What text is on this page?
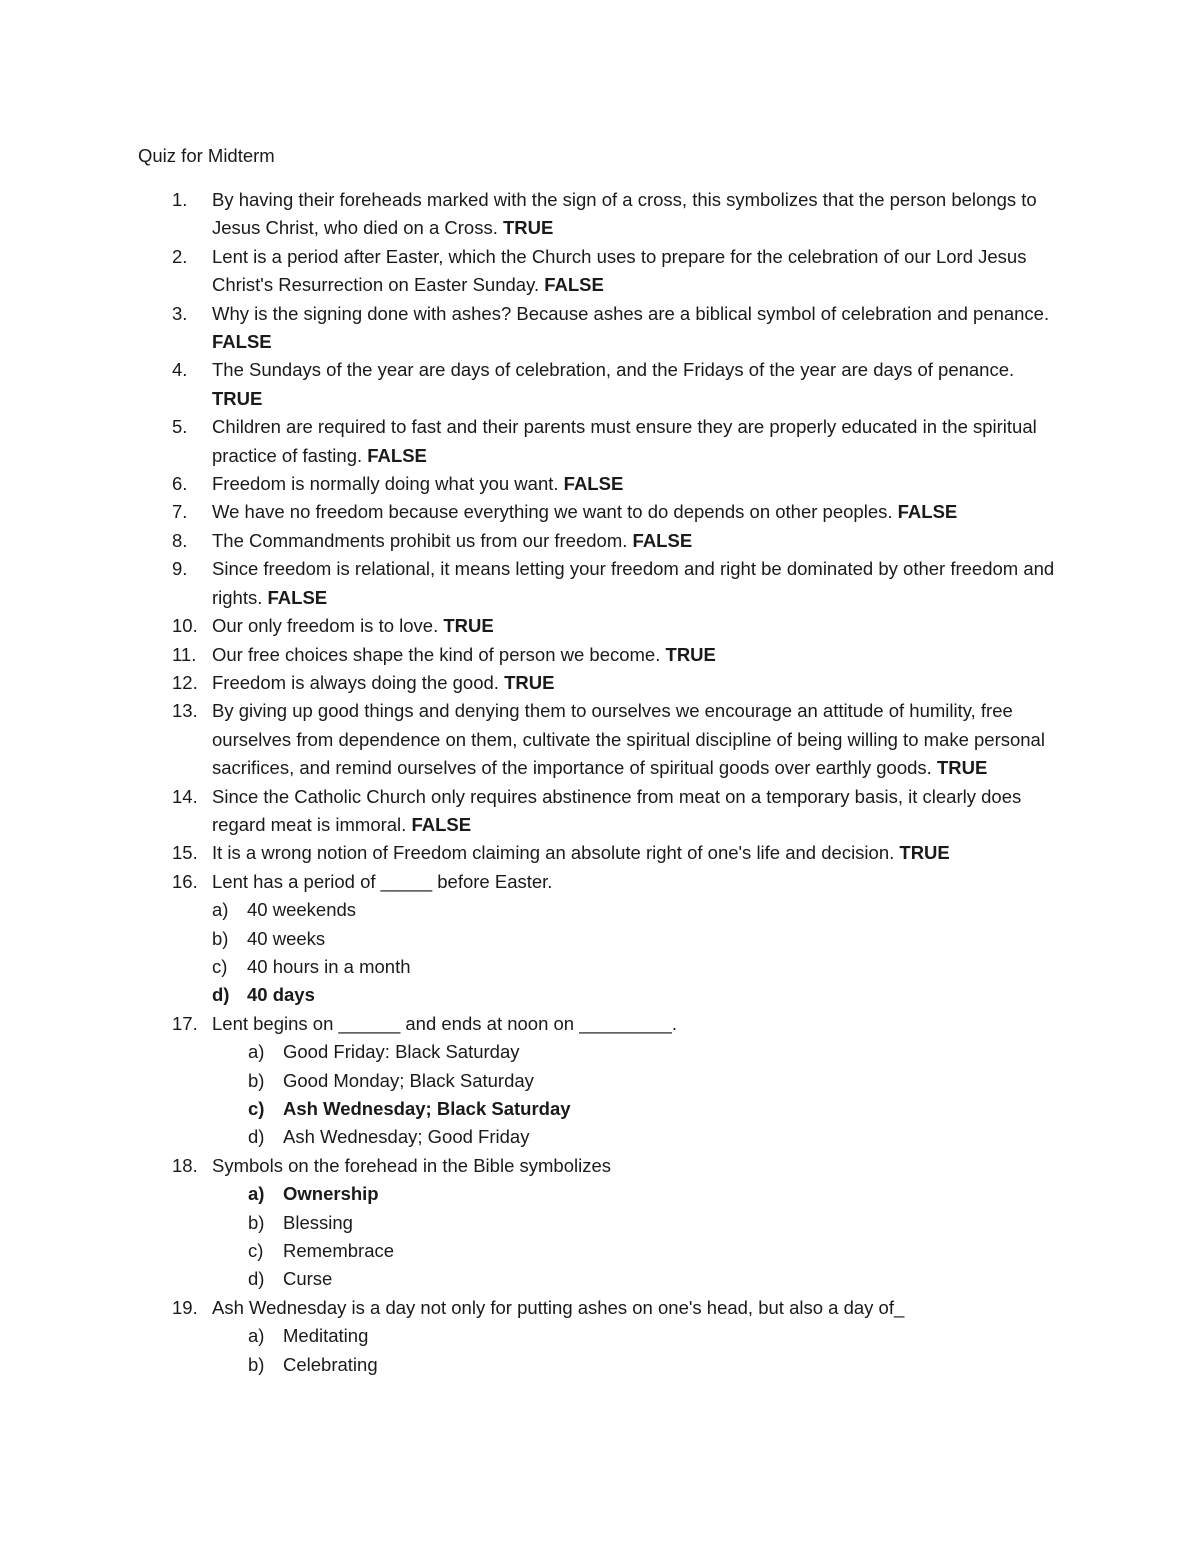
Quiz for Midterm

1.	By having their foreheads marked with the sign of a cross, this symbolizes that the person belongs to Jesus Christ, who died on a Cross. TRUE
2.	Lent is a period after Easter, which the Church uses to prepare for the celebration of our Lord Jesus Christ's Resurrection on Easter Sunday. FALSE
3.	Why is the signing done with ashes? Because ashes are a biblical symbol of celebration and penance. FALSE
4.	The Sundays of the year are days of celebration, and the Fridays of the year are days of penance. TRUE
5.	Children are required to fast and their parents must ensure they are properly educated in the spiritual practice of fasting. FALSE
6.	Freedom is normally doing what you want. FALSE
7.	We have no freedom because everything we want to do depends on other peoples. FALSE
8.	The Commandments prohibit us from our freedom. FALSE
9.	Since freedom is relational, it means letting your freedom and right be dominated by other freedom and rights. FALSE
10. Our only freedom is to love. TRUE
11. Our free choices shape the kind of person we become. TRUE
12. Freedom is always doing the good. TRUE
13. By giving up good things and denying them to ourselves we encourage an attitude of humility, free ourselves from dependence on them, cultivate the spiritual discipline of being willing to make personal sacrifices, and remind ourselves of the importance of spiritual goods over earthly goods. TRUE
14. Since the Catholic Church only requires abstinence from meat on a temporary basis, it clearly does regard meat is immoral. FALSE
15. It is a wrong notion of Freedom claiming an absolute right of one's life and decision. TRUE
16. Lent has a period of _____ before Easter.
a) 40 weekends
b) 40 weeks
c) 40 hours in a month
d) 40 days
17. Lent begins on ______ and ends at noon on _________.
a) Good Friday: Black Saturday
b) Good Monday; Black Saturday
c) Ash Wednesday; Black Saturday
d) Ash Wednesday; Good Friday
18. Symbols on the forehead in the Bible symbolizes
a) Ownership
b) Blessing
c) Remembrace
d) Curse
19. Ash Wednesday is a day not only for putting ashes on one's head, but also a day of_
a) Meditating
b) Celebrating
